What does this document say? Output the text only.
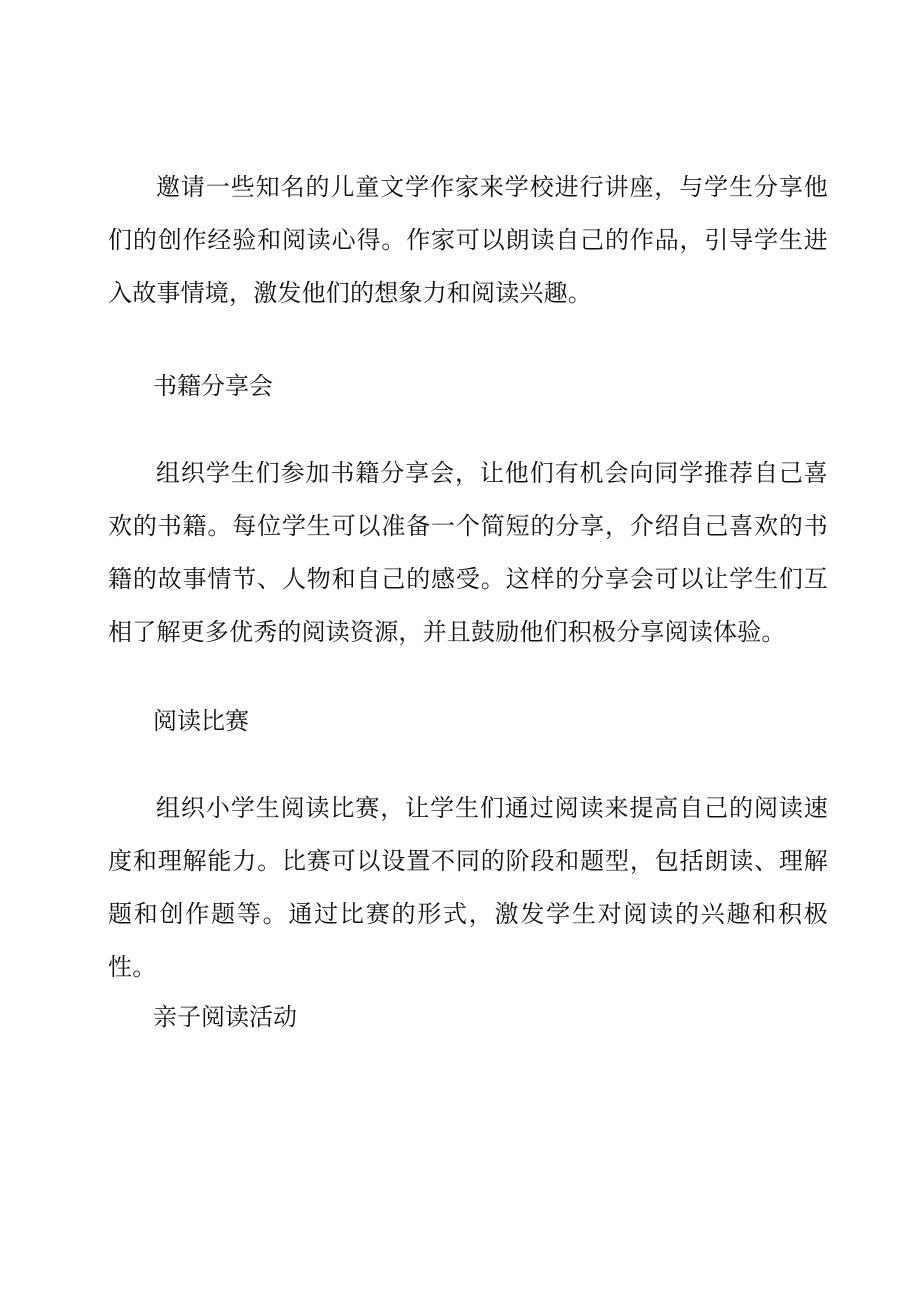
邀请一些知名的儿童文学作家来学校进行讲座，与学生分享他们的创作经验和阅读心得。作家可以朗读自己的作品，引导学生进入故事情境，激发他们的想象力和阅读兴趣。

书籍分享会

组织学生们参加书籍分享会，让他们有机会向同学推荐自己喜欢的书籍。每位学生可以准备一个简短的分享，介绍自己喜欢的书籍的故事情节、人物和自己的感受。这样的分享会可以让学生们互相了解更多优秀的阅读资源，并且鼓励他们积极分享阅读体验。

阅读比赛

组织小学生阅读比赛，让学生们通过阅读来提高自己的阅读速度和理解能力。比赛可以设置不同的阶段和题型，包括朗读、理解题和创作题等。通过比赛的形式，激发学生对阅读的兴趣和积极性。

亲子阅读活动
